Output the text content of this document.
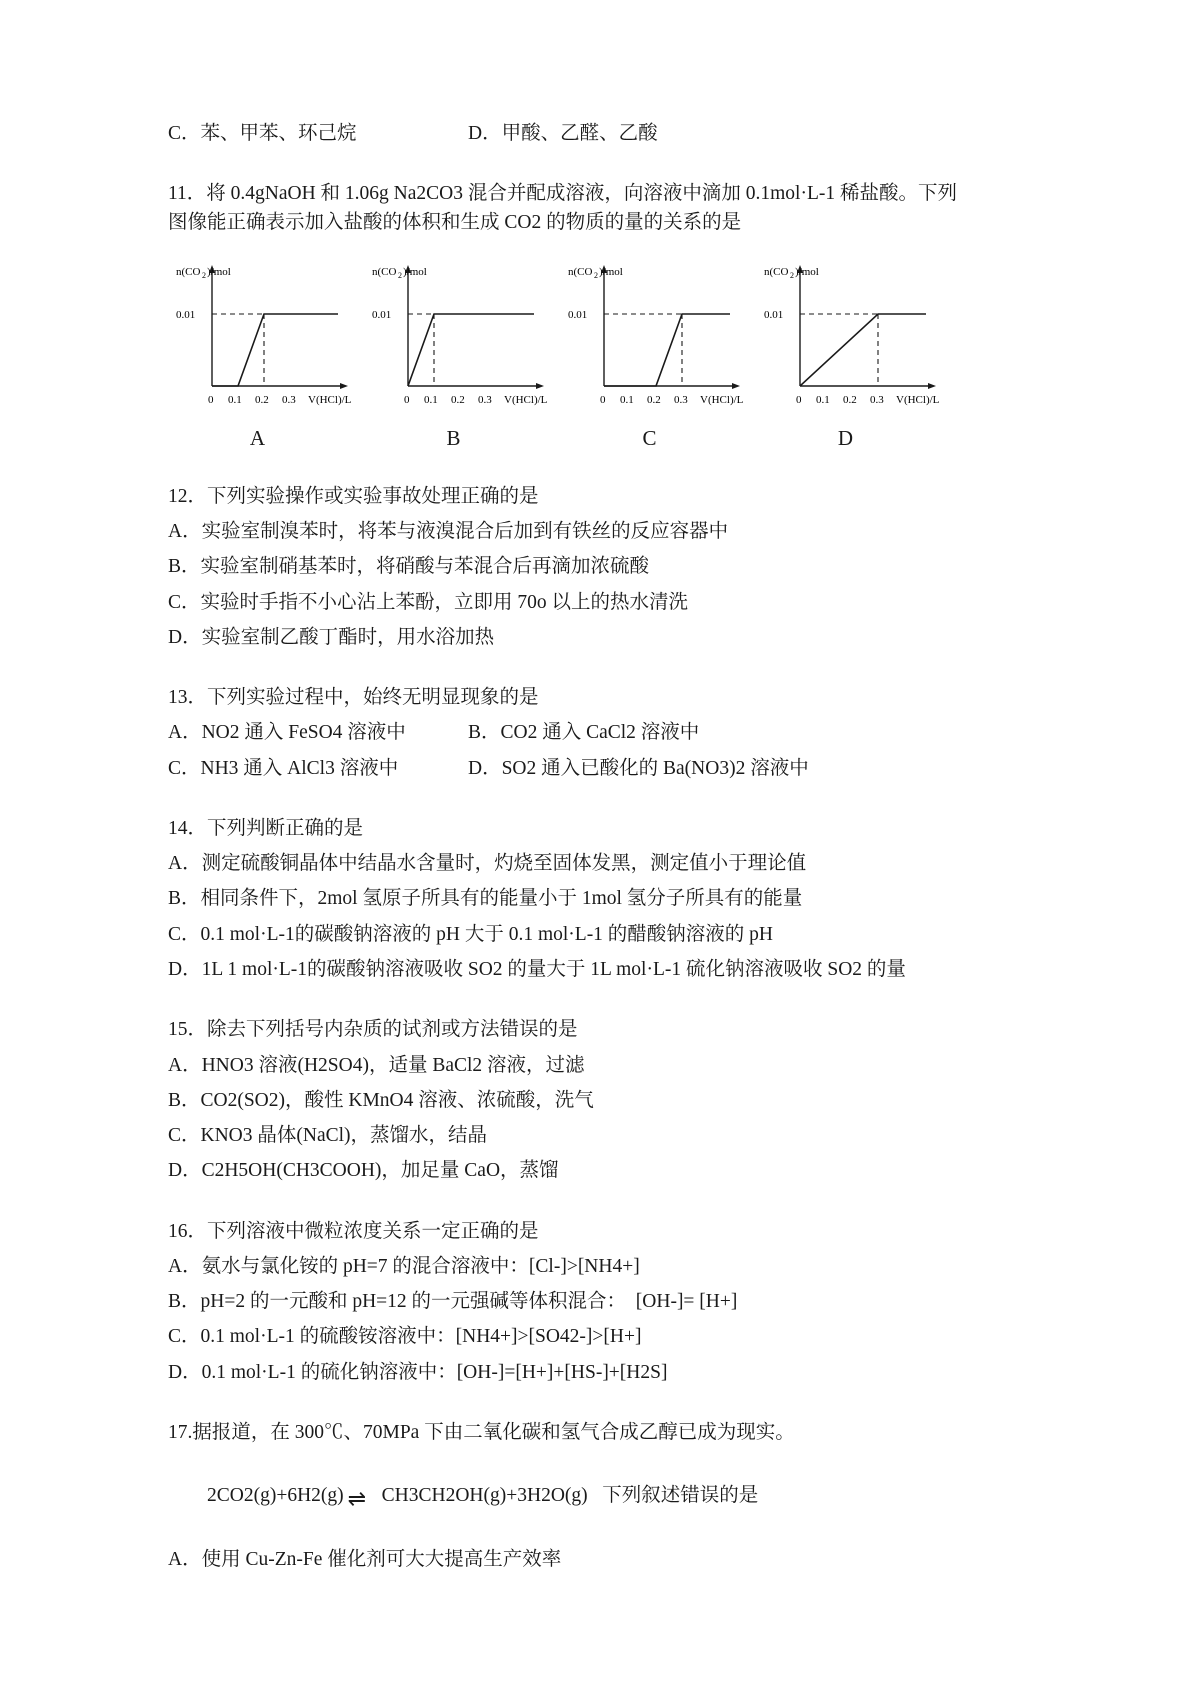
C．苯、甲苯、环己烷	D．甲酸、乙醛、乙酸

11．将 0.4gNaOH 和 1.06g Na2CO3 混合并配成溶液，向溶液中滴加 0.1mol·L-1 稀盐酸。下列

图像能正确表示加入盐酸的体积和生成 CO2 的物质的量的关系的是

n(CO 2 )/mol
0.01
0 0.1 0.2 0.3 V(HCl)/L
A
n(CO 2 )/mol
0.01
0 0.1 0.2 0.3 V(HCl)/L
B
n(CO 2 )/mol
0.01
0 0.1 0.2 0.3 V(HCl)/L
C
n(CO 2 )/mol
0.01
0 0.1 0.2 0.3 V(HCl)/L
D

12．下列实验操作或实验事故处理正确的是

A．实验室制溴苯时，将苯与液溴混合后加到有铁丝的反应容器中

B．实验室制硝基苯时，将硝酸与苯混合后再滴加浓硫酸

C．实验时手指不小心沾上苯酚，立即用 70o 以上的热水清洗

D．实验室制乙酸丁酯时，用水浴加热

13．下列实验过程中，始终无明显现象的是

A．NO2 通入 FeSO4 溶液中	B．CO2 通入 CaCl2 溶液中
C．NH3 通入 AlCl3 溶液中	D．SO2 通入已酸化的 Ba(NO3)2 溶液中

14．下列判断正确的是

A．测定硫酸铜晶体中结晶水含量时，灼烧至固体发黑，测定值小于理论值

B．相同条件下，2mol 氢原子所具有的能量小于 1mol 氢分子所具有的能量

C．0.1 mol·L-1的碳酸钠溶液的 pH 大于 0.1 mol·L-1 的醋酸钠溶液的 pH

D．1L 1 mol·L-1的碳酸钠溶液吸收 SO2 的量大于 1L mol·L-1 硫化钠溶液吸收 SO2 的量

15．除去下列括号内杂质的试剂或方法错误的是

A．HNO3 溶液(H2SO4)，适量 BaCl2 溶液，过滤

B．CO2(SO2)，酸性 KMnO4 溶液、浓硫酸，洗气

C．KNO3 晶体(NaCl)，蒸馏水，结晶

D．C2H5OH(CH3COOH)，加足量 CaO，蒸馏

16．下列溶液中微粒浓度关系一定正确的是

A．氨水与氯化铵的 pH=7 的混合溶液中：[Cl-]>[NH4+]

B．pH=2 的一元酸和 pH=12 的一元强碱等体积混合：  [OH-]= [H+]

C．0.1 mol·L-1 的硫酸铵溶液中：[NH4+]>[SO42-]>[H+]

D．0.1 mol·L-1 的硫化钠溶液中：[OH-]=[H+]+[HS-]+[H2S]

17.据报道，在 300℃、70MPa 下由二氧化碳和氢气合成乙醇已成为现实。

2CO2(g)+6H2(g) ⇌ CH3CH2OH(g)+3H2O(g) 下列叙述错误的是

A．使用 Cu-Zn-Fe 催化剂可大大提高生产效率
